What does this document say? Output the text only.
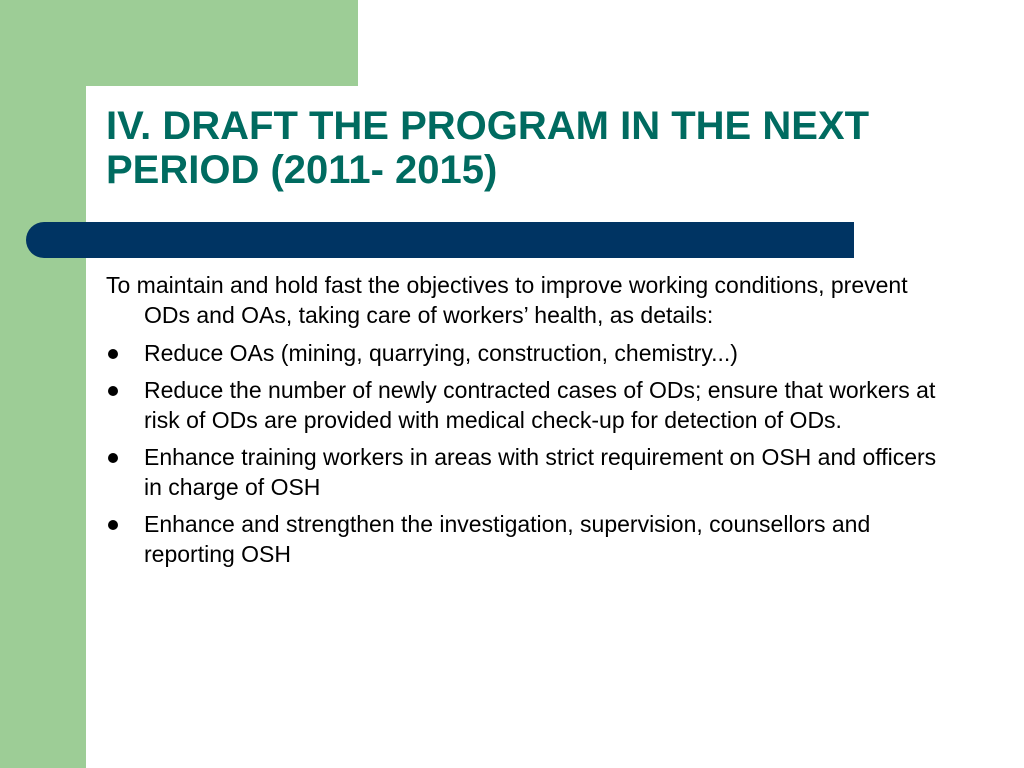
IV. DRAFT THE PROGRAM IN THE NEXT PERIOD (2011- 2015)

To maintain and hold fast the objectives to improve working conditions, prevent ODs and OAs, taking care of workers’ health, as details:

Reduce OAs (mining, quarrying, construction, chemistry...)
Reduce the number of newly contracted cases of ODs; ensure that workers at risk of ODs are provided with medical check-up for detection of ODs.
Enhance training workers in areas with strict requirement on OSH and officers in charge of OSH
Enhance and strengthen the investigation, supervision, counsellors and reporting OSH
